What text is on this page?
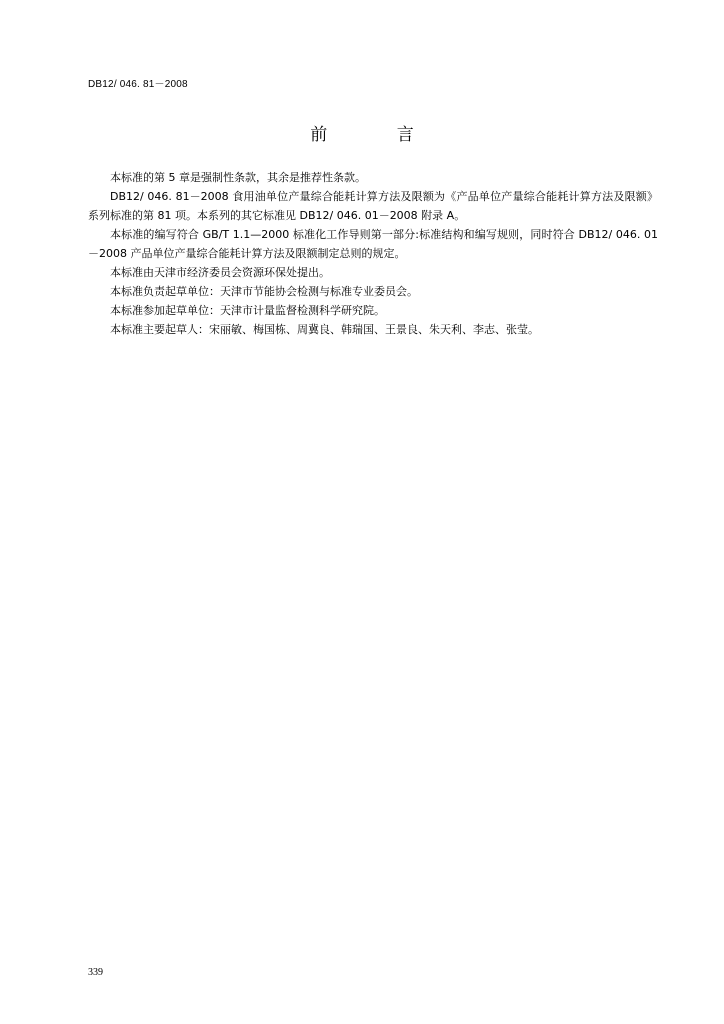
DB12/ 046. 81－2008
前 言

本标准的第 5 章是强制性条款，其余是推荐性条款。

DB12/ 046. 81－2008 食用油单位产量综合能耗计算方法及限额为《产品单位产量综合能耗计算方法及限额》系列标准的第 81 项。本系列的其它标准见 DB12/ 046. 01－2008 附录 A。

本标准的编写符合 GB/T 1.1—2000 标准化工作导则第一部分:标准结构和编写规则，同时符合 DB12/ 046. 01－2008 产品单位产量综合能耗计算方法及限额制定总则的规定。

本标准由天津市经济委员会资源环保处提出。

本标准负责起草单位：天津市节能协会检测与标准专业委员会。

本标准参加起草单位：天津市计量监督检测科学研究院。

本标准主要起草人：宋丽敏、梅国栋、周冀良、韩瑞国、王景良、朱天利、李志、张莹。

339
